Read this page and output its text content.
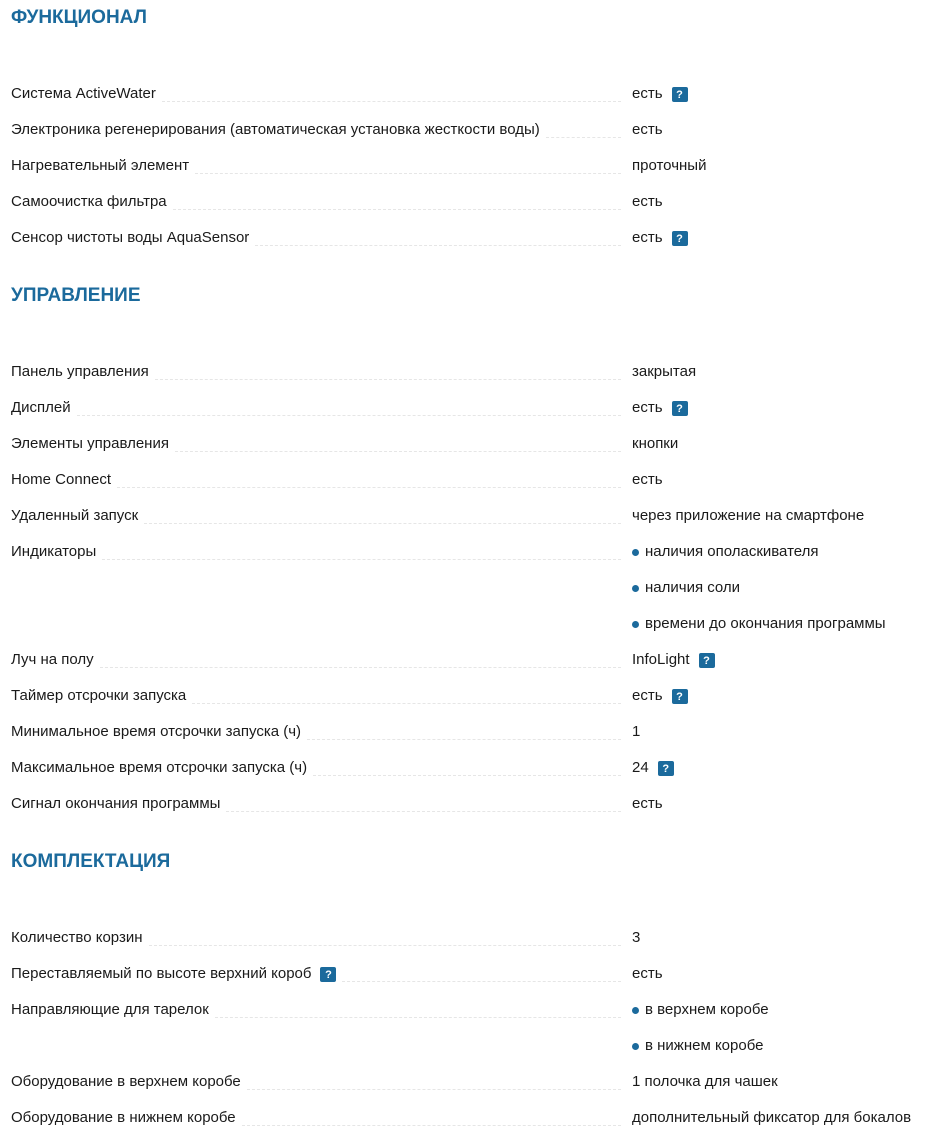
ФУНКЦИОНАЛ
Система ActiveWater	есть	?
Электроника регенерирования (автоматическая установка жесткости воды)	есть
Нагревательный элемент	проточный
Самоочистка фильтра	есть
Сенсор чистоты воды AquaSensor	есть	?
УПРАВЛЕНИЕ
Панель управления	закрытая
Дисплей	есть	?
Элементы управления	кнопки
Home Connect	есть
Удаленный запуск	через приложение на смартфоне
Индикаторы	наличия ополаскивателя
наличия соли
времени до окончания программы
Луч на полу	InfoLight	?
Таймер отсрочки запуска	есть	?
Минимальное время отсрочки запуска (ч)	1
Максимальное время отсрочки запуска (ч)	24	?
Сигнал окончания программы	есть
КОМПЛЕКТАЦИЯ
Количество корзин	3
Переставляемый по высоте верхний короб	?	есть
Направляющие для тарелок	в верхнем коробе
в нижнем коробе
Оборудование в верхнем коробе	1 полочка для чашек
Оборудование в нижнем коробе	дополнительный фиксатор для бокалов
